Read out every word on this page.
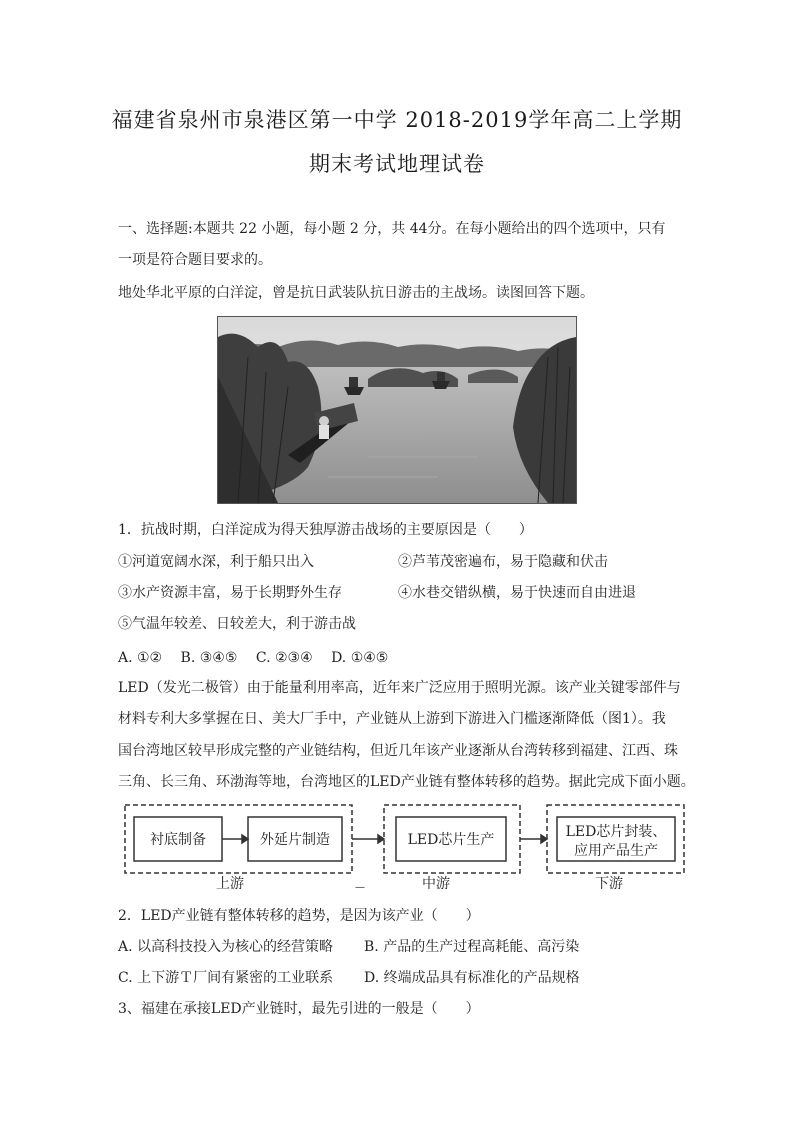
福建省泉州市泉港区第一中学 2018-2019学年高二上学期
期末考试地理试卷
一、选择题:本题共 22 小题，每小题 2 分，共 44分。在每小题给出的四个选项中，只有
一项是符合题目要求的。
地处华北平原的白洋淀，曾是抗日武装队抗日游击的主战场。读图回答下题。
1．抗战时期，白洋淀成为得天独厚游击战场的主要原因是（　　）
①河道宽阔水深，利于船只出入	②芦苇茂密遍布，易于隐藏和伏击
③水产资源丰富，易于长期野外生存	④水巷交错纵横，易于快速而自由进退
⑤气温年较差、日较差大，利于游击战
A. ①②　 B. ③④⑤　 C. ②③④　 D. ①④⑤
LED（发光二极管）由于能量利用率高，近年来广泛应用于照明光源。该产业关键零部件与
材料专利大多掌握在日、美大厂手中，产业链从上游到下游进入门槛逐渐降低（图1）。我
国台湾地区较早形成完整的产业链结构，但近几年该产业逐渐从台湾转移到福建、江西、珠
三角、长三角、环渤海等地，台湾地区的LED产业链有整体转移的趋势。据此完成下面小题。
衬底制备	外延片制造	LED芯片生产	LED芯片封装、
应用产品生产
上游	—	中游	下游
2．LED产业链有整体转移的趋势，是因为该产业（　　）
A. 以高科技投入为核心的经营策略 B. 产品的生产过程高耗能、高污染
C. 上下游Ｔ厂间有紧密的工业联系 D. 终端成品具有标准化的产品规格
3、福建在承接LED产业链时，最先引进的一般是（　　）
